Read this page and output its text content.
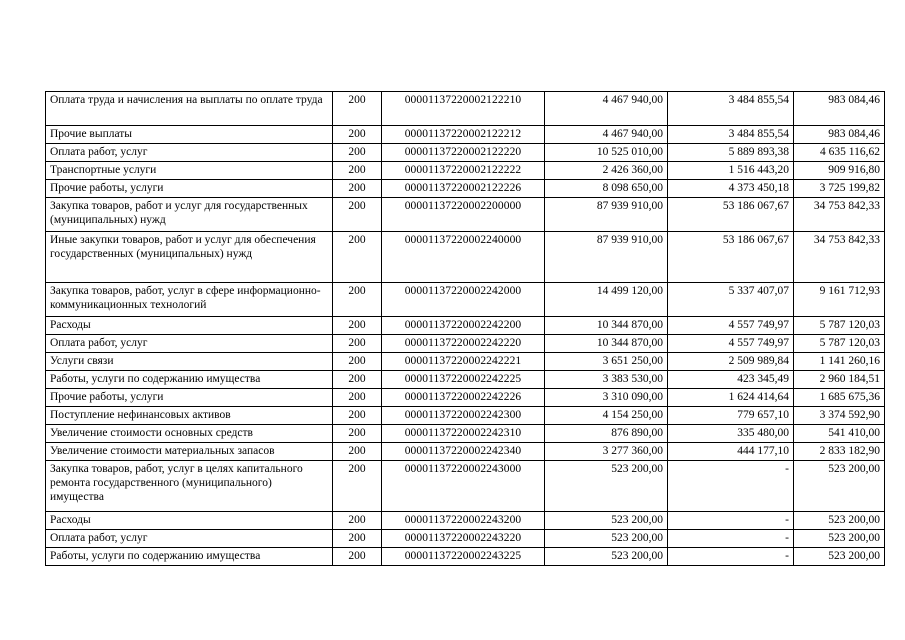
Оплата труда и начисления на выплаты по оплате труда	200	00001137220002122210	4 467 940,00	3 484 855,54	983 084,46
Прочие выплаты	200	00001137220002122212	4 467 940,00	3 484 855,54	983 084,46
Оплата работ, услуг	200	00001137220002122220	10 525 010,00	5 889 893,38	4 635 116,62
Транспортные услуги	200	00001137220002122222	2 426 360,00	1 516 443,20	909 916,80
Прочие работы, услуги	200	00001137220002122226	8 098 650,00	4 373 450,18	3 725 199,82
Закупка товаров, работ и услуг для государственных (муниципальных) нужд	200	00001137220002200000	87 939 910,00	53 186 067,67	34 753 842,33
Иные закупки товаров, работ и услуг для обеспечения государственных (муниципальных) нужд	200	00001137220002240000	87 939 910,00	53 186 067,67	34 753 842,33
Закупка товаров, работ, услуг в сфере информационно-коммуникационных технологий	200	00001137220002242000	14 499 120,00	5 337 407,07	9 161 712,93
Расходы	200	00001137220002242200	10 344 870,00	4 557 749,97	5 787 120,03
Оплата работ, услуг	200	00001137220002242220	10 344 870,00	4 557 749,97	5 787 120,03
Услуги связи	200	00001137220002242221	3 651 250,00	2 509 989,84	1 141 260,16
Работы, услуги по содержанию имущества	200	00001137220002242225	3 383 530,00	423 345,49	2 960 184,51
Прочие работы, услуги	200	00001137220002242226	3 310 090,00	1 624 414,64	1 685 675,36
Поступление нефинансовых активов	200	00001137220002242300	4 154 250,00	779 657,10	3 374 592,90
Увеличение стоимости основных средств	200	00001137220002242310	876 890,00	335 480,00	541 410,00
Увеличение стоимости материальных запасов	200	00001137220002242340	3 277 360,00	444 177,10	2 833 182,90
Закупка товаров, работ, услуг в целях капитального ремонта государственного (муниципального) имущества	200	00001137220002243000	523 200,00	-	523 200,00
Расходы	200	00001137220002243200	523 200,00	-	523 200,00
Оплата работ, услуг	200	00001137220002243220	523 200,00	-	523 200,00
Работы, услуги по содержанию имущества	200	00001137220002243225	523 200,00	-	523 200,00
